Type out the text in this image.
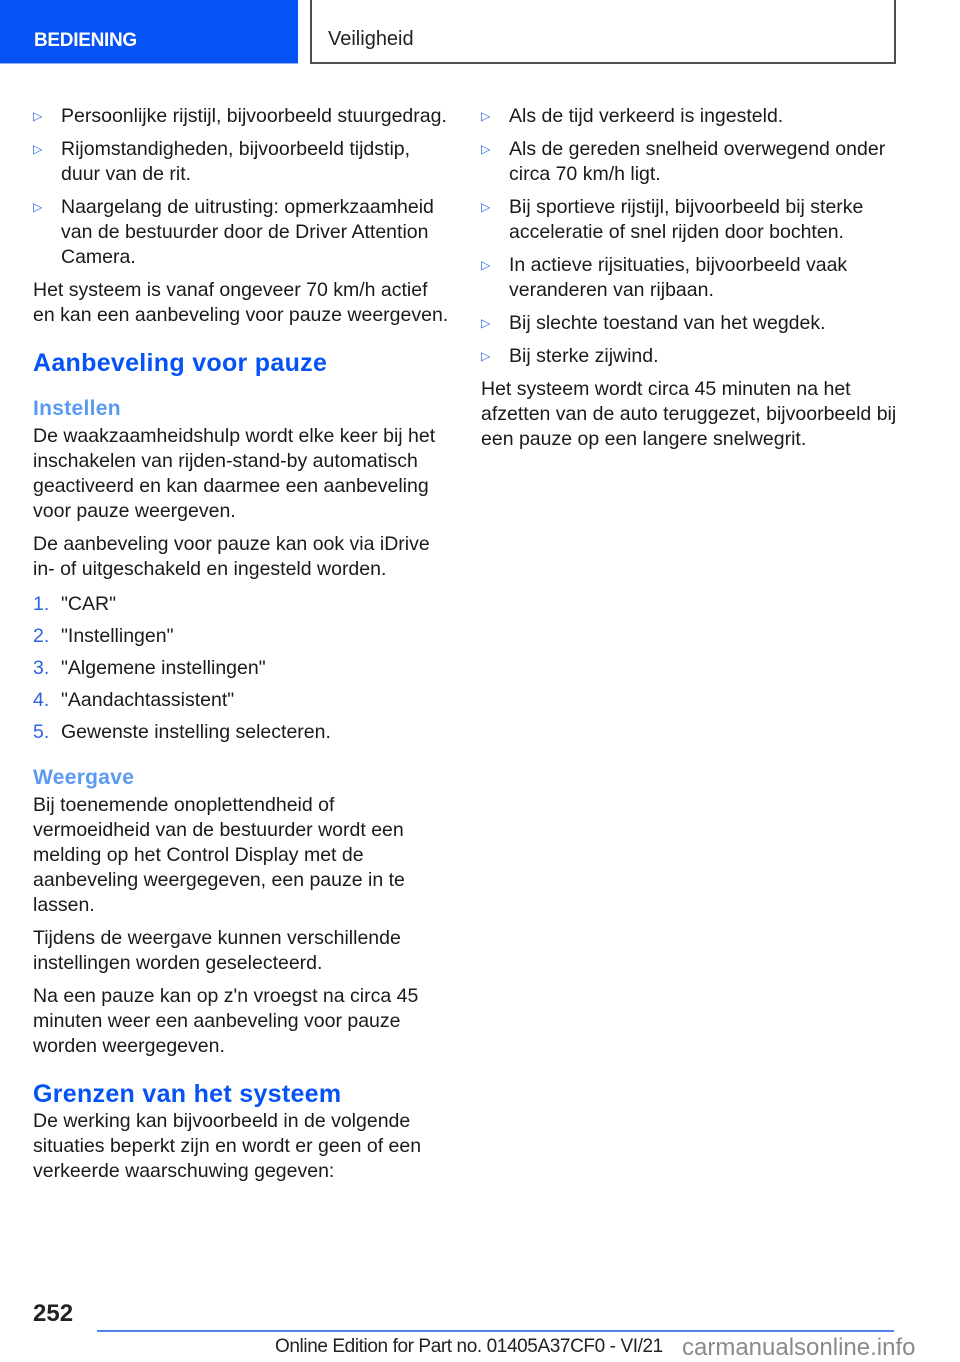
BEDIENING	Veiligheid
▷ Persoonlijke rijstijl, bijvoorbeeld stuurgedrag.
▷ Rijomstandigheden, bijvoorbeeld tijdstip, duur van de rit.
▷ Naargelang de uitrusting: opmerkzaamheid van de bestuurder door de Driver Attention Camera.

Het systeem is vanaf ongeveer 70 km/h actief en kan een aanbeveling voor pauze weergeven.

Aanbeveling voor pauze
Instellen

De waakzaamheidshulp wordt elke keer bij het inschakelen van rijden-stand-by automatisch geactiveerd en kan daarmee een aanbeveling voor pauze weergeven.

De aanbeveling voor pauze kan ook via iDrive in- of uitgeschakeld en ingesteld worden.

1. "CAR"
2. "Instellingen"
3. "Algemene instellingen"
4. "Aandachtassistent"
5. Gewenste instelling selecteren.
Weergave

Bij toenemende onoplettendheid of vermoeidheid van de bestuurder wordt een melding op het Control Display met de aanbeveling weergegeven, een pauze in te lassen.

Tijdens de weergave kunnen verschillende instellingen worden geselecteerd.

Na een pauze kan op z'n vroegst na circa 45 minuten weer een aanbeveling voor pauze worden weergegeven.

Grenzen van het systeem

De werking kan bijvoorbeeld in de volgende situaties beperkt zijn en wordt er geen of een verkeerde waarschuwing gegeven:

▷ Als de tijd verkeerd is ingesteld.
▷ Als de gereden snelheid overwegend onder circa 70 km/h ligt.
▷ Bij sportieve rijstijl, bijvoorbeeld bij sterke acceleratie of snel rijden door bochten.
▷ In actieve rijsituaties, bijvoorbeeld vaak veranderen van rijbaan.
▷ Bij slechte toestand van het wegdek.
▷ Bij sterke zijwind.

Het systeem wordt circa 45 minuten na het afzetten van de auto teruggezet, bijvoorbeeld bij een pauze op een langere snelwegrit.

252
Online Edition for Part no. 01405A37CF0 - VI/21 carmanualsonline.info
